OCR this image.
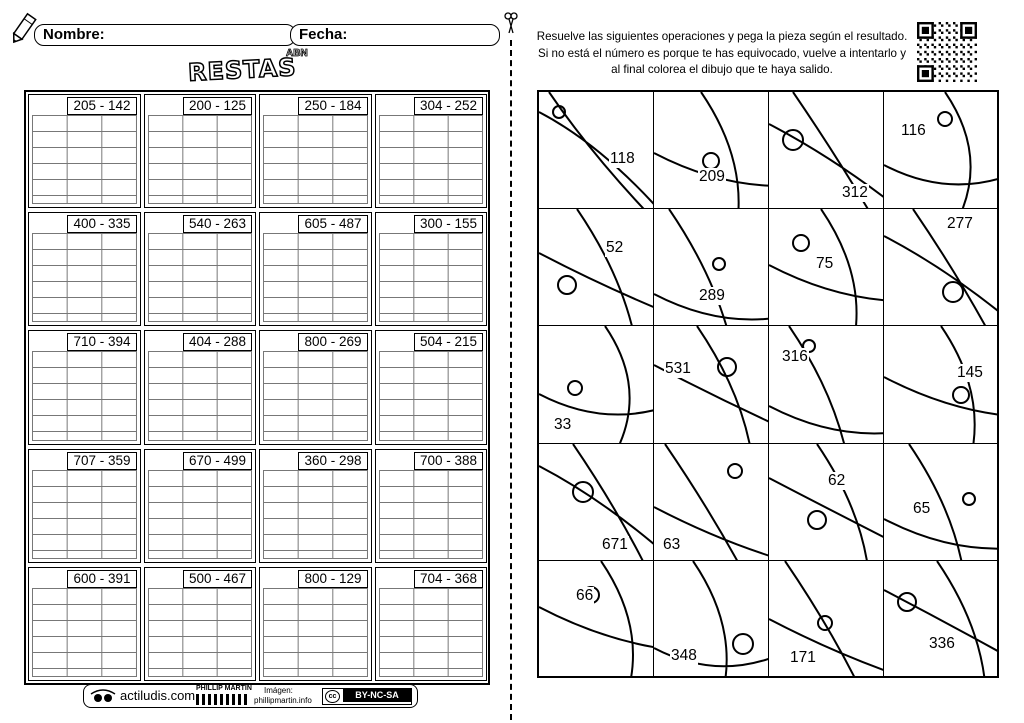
Nombre:	Fecha:
RESTAS
ABN
205 - 142	200 - 125	250 - 184	304 - 252
400 - 335	540 - 263	605 - 487	300 - 155
710 - 394	404 - 288	800 - 269	504 - 215
707 - 359	670 - 499	360 - 298	700 - 388
600 - 391	500 - 467	800 - 129	704 - 368
Resuelve las siguientes operaciones y pega la pieza según el resultado. Si no está el número es porque te has equivocado, vuelve a intentarlo y al final colorea el dibujo que te haya salido.
118
209
312
116
52
289
75
277
33
531
316
145
671 63
62
65
66
348	171
336
actiludis.com PHILLIP MARTIN Imágen:
phillipmartin.info	cc	BY-NC-SA
